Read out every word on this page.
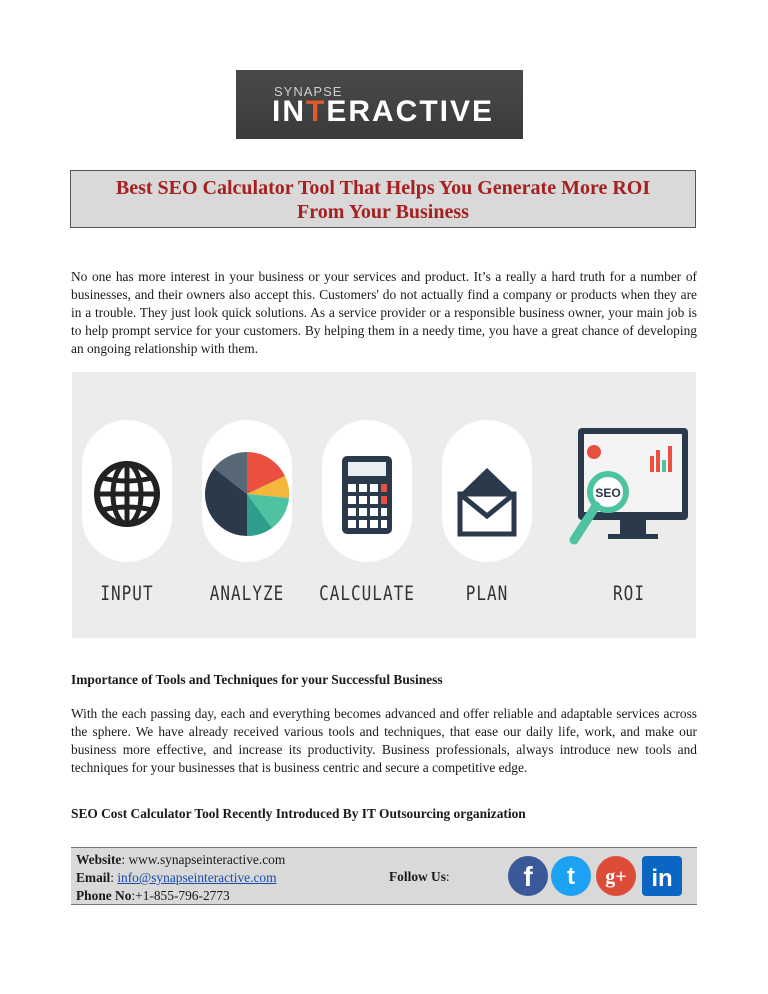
SYNAPSE
INTERACTIVE
Best SEO Calculator Tool That Helps You Generate More ROI
From Your Business

No one has more interest in your business or your services and product. It’s a really a hard truth for a number of businesses, and their owners also accept this. Customers' do not actually find a company or products when they are in a trouble. They just look quick solutions. As a service provider or a responsible business owner, your main job is to help prompt service for your customers. By helping them in a needy time, you have a great chance of developing an ongoing relationship with them.

INPUT	ANALYZE	CALCULATE	PLAN
SEO
ROI

Importance of Tools and Techniques for your Successful Business

With the each passing day, each and everything becomes advanced and offer reliable and adaptable services across the sphere. We have already received various tools and techniques, that ease our daily life, work, and make our business more effective, and increase its productivity. Business professionals, always introduce new tools and techniques for your businesses that is business centric and secure a competitive edge.

SEO Cost Calculator Tool Recently Introduced By IT Outsourcing organization

Website: www.synapseinteractive.com
Email: info@synapseinteractive.com
Phone No:+1-855-796-2773
Follow Us:	f t g+ in
